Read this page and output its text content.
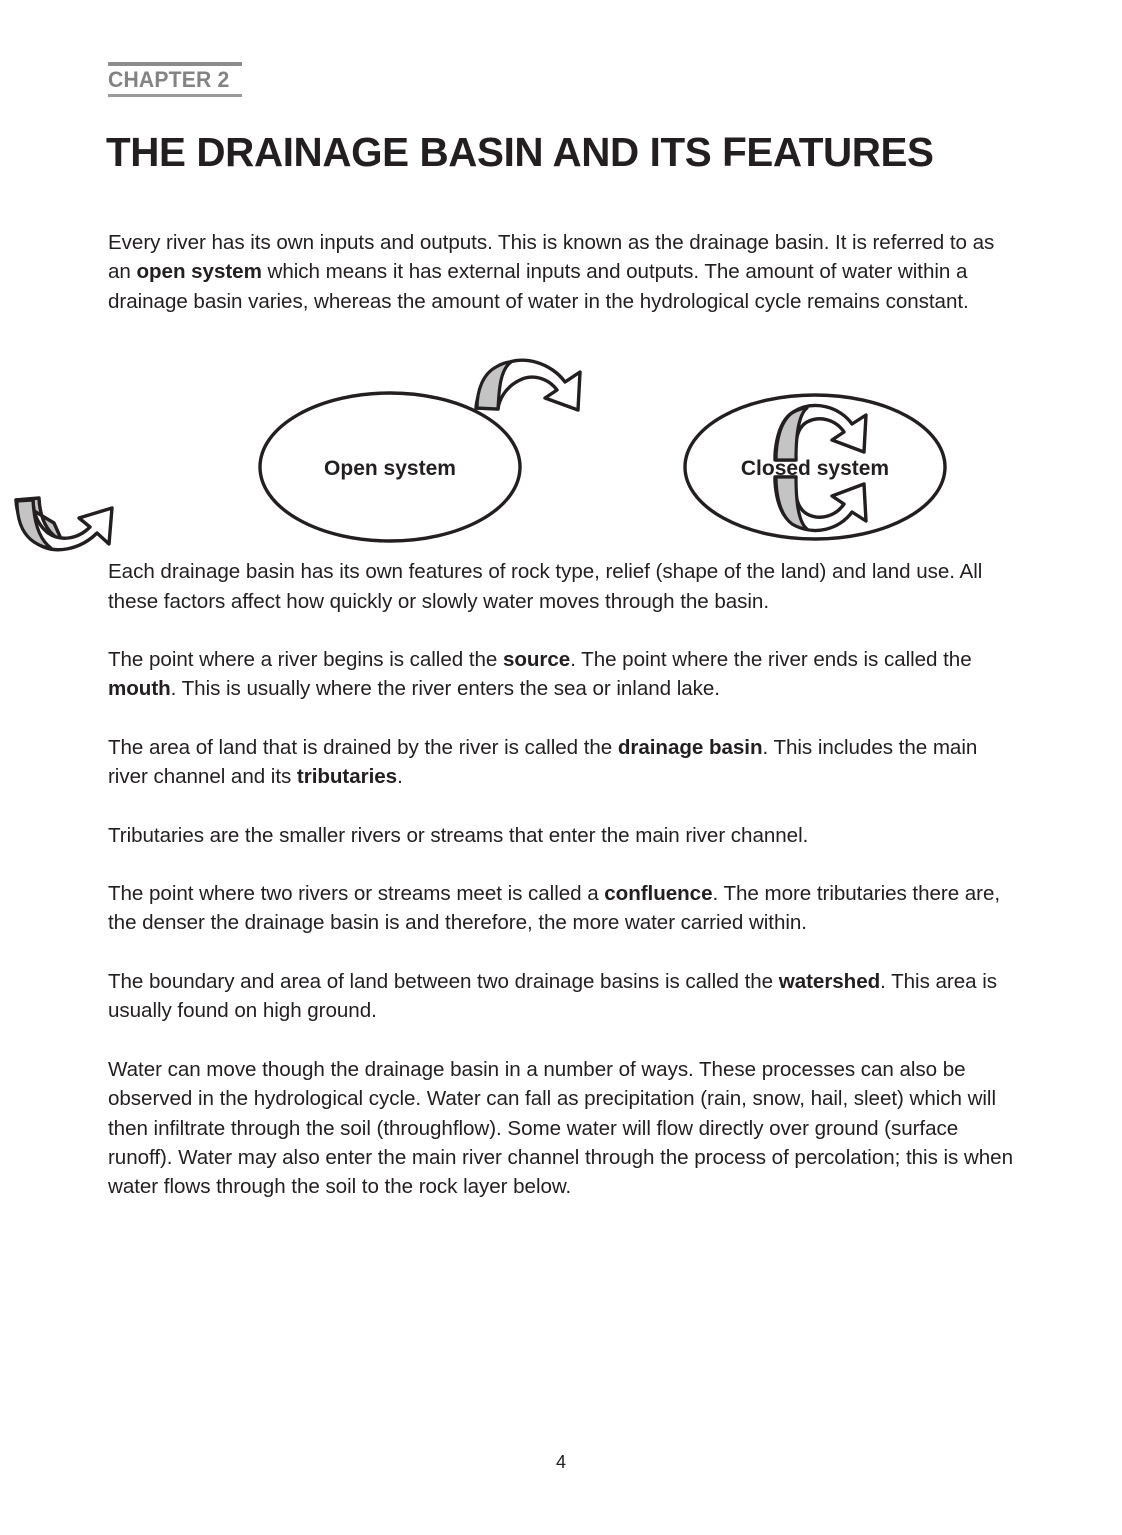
CHAPTER 2
THE DRAINAGE BASIN AND ITS FEATURES

Every river has its own inputs and outputs. This is known as the drainage basin. It is referred to as an open system which means it has external inputs and outputs. The amount of water within a drainage basin varies, whereas the amount of water in the hydrological cycle remains constant.

Each drainage basin has its own features of rock type, relief (shape of the land) and land use. All these factors affect how quickly or slowly water moves through the basin.

The point where a river begins is called the source. The point where the river ends is called the mouth. This is usually where the river enters the sea or inland lake.

The area of land that is drained by the river is called the drainage basin. This includes the main river channel and its tributaries.

Tributaries are the smaller rivers or streams that enter the main river channel.

The point where two rivers or streams meet is called a confluence. The more tributaries there are, the denser the drainage basin is and therefore, the more water carried within.

The boundary and area of land between two drainage basins is called the watershed. This area is usually found on high ground.

Water can move though the drainage basin in a number of ways. These processes can also be observed in the hydrological cycle. Water can fall as precipitation (rain, snow, hail, sleet) which will then infiltrate through the soil (throughflow). Some water will flow directly over ground (surface runoff). Water may also enter the main river channel through the process of percolation; this is when water flows through the soil to the rock layer below.

Open system	Closed system
4
